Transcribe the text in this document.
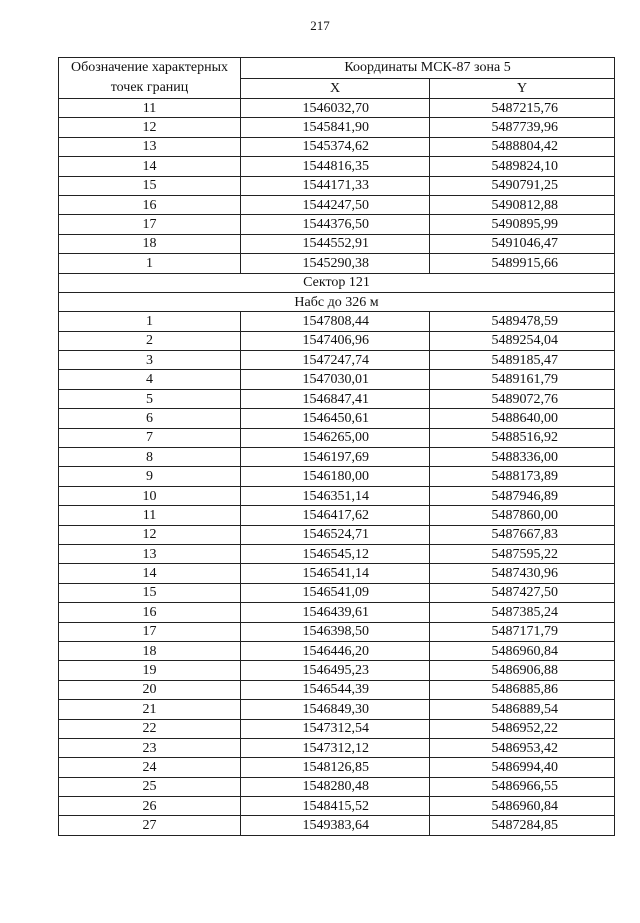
217
Обозначение характерных
точек границ	Координаты МСК-87 зона 5	
	X	Y
11	1546032,70	5487215,76
12	1545841,90	5487739,96
13	1545374,62	5488804,42
14	1544816,35	5489824,10
15	1544171,33	5490791,25
16	1544247,50	5490812,88
17	1544376,50	5490895,99
18	1544552,91	5491046,47
1	1545290,38	5489915,66
Сектор 121		
Набс до 326 м		
1	1547808,44	5489478,59
2	1547406,96	5489254,04
3	1547247,74	5489185,47
4	1547030,01	5489161,79
5	1546847,41	5489072,76
6	1546450,61	5488640,00
7	1546265,00	5488516,92
8	1546197,69	5488336,00
9	1546180,00	5488173,89
10	1546351,14	5487946,89
11	1546417,62	5487860,00
12	1546524,71	5487667,83
13	1546545,12	5487595,22
14	1546541,14	5487430,96
15	1546541,09	5487427,50
16	1546439,61	5487385,24
17	1546398,50	5487171,79
18	1546446,20	5486960,84
19	1546495,23	5486906,88
20	1546544,39	5486885,86
21	1546849,30	5486889,54
22	1547312,54	5486952,22
23	1547312,12	5486953,42
24	1548126,85	5486994,40
25	1548280,48	5486966,55
26	1548415,52	5486960,84
27	1549383,64	5487284,85
